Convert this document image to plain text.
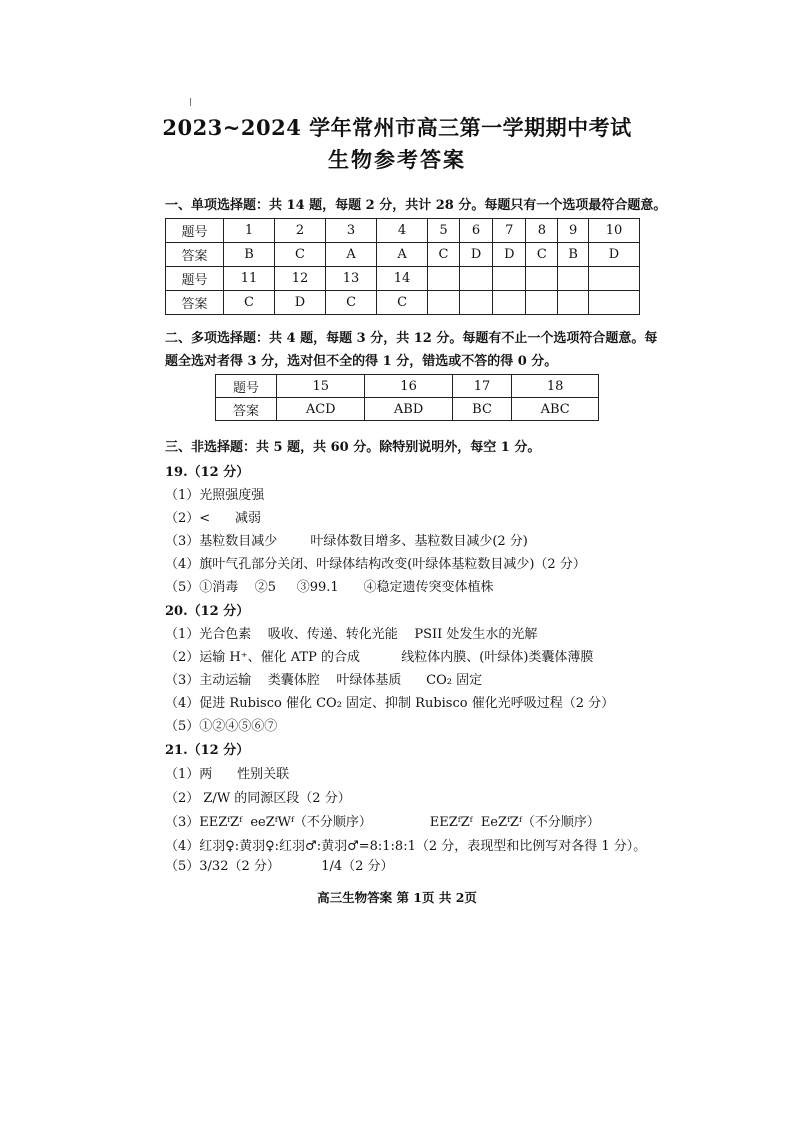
2023~2024 学年常州市高三第一学期期中考试
生物参考答案
一、单项选择题：共 14 题，每题 2 分，共计 28 分。每题只有一个选项最符合题意。
题号	1	2	3	4	5	6	7	8	9	10
答案	B	C	A	A	C	D	D	C	B	D
题号	11	12	13	14						
答案	C	D	C	C						
二、多项选择题：共 4 题，每题 3 分，共 12 分。每题有不止一个选项符合题意。每
题全选对者得 3 分，选对但不全的得 1 分，错选或不答的得 0 分。
题号	15	16	17	18
答案	ACD	ABD	BC	ABC
三、非选择题：共 5 题，共 60 分。除特别说明外，每空 1 分。
19.（12 分）
（1）光照强度强
（2）<      减弱
（3）基粒数目减少        叶绿体数目增多、基粒数目减少(2 分)
（4）旗叶气孔部分关闭、叶绿体结构改变(叶绿体基粒数目减少)（2 分）
（5）①消毒    ②5     ③99.1      ④稳定遗传突变体植株
20.（12 分）
（1）光合色素    吸收、传递、转化光能    PSII 处发生水的光解
（2）运输 H⁺、催化 ATP 的合成          线粒体内膜、(叶绿体)类囊体薄膜
（3）主动运输    类囊体腔    叶绿体基质      CO₂ 固定
（4）促进 Rubisco 催化 CO₂ 固定、抑制 Rubisco 催化光呼吸过程（2 分）
（5）①②④⑤⑥⑦
21.（12 分）
（1）两      性别关联
（2） Z/W 的同源区段（2 分）
（3）EEZᶠZᶠ  eeZᶠWᶠ（不分顺序）              EEZᶠZᶠ  EeZᶠZᶠ（不分顺序）
（4）红羽♀:黄羽♀:红羽♂:黄羽♂=8:1:8:1（2 分，表现型和比例写对各得 1 分）。
（5）3/32（2 分）          1/4（2 分）
高三生物答案 第 1页 共 2页
